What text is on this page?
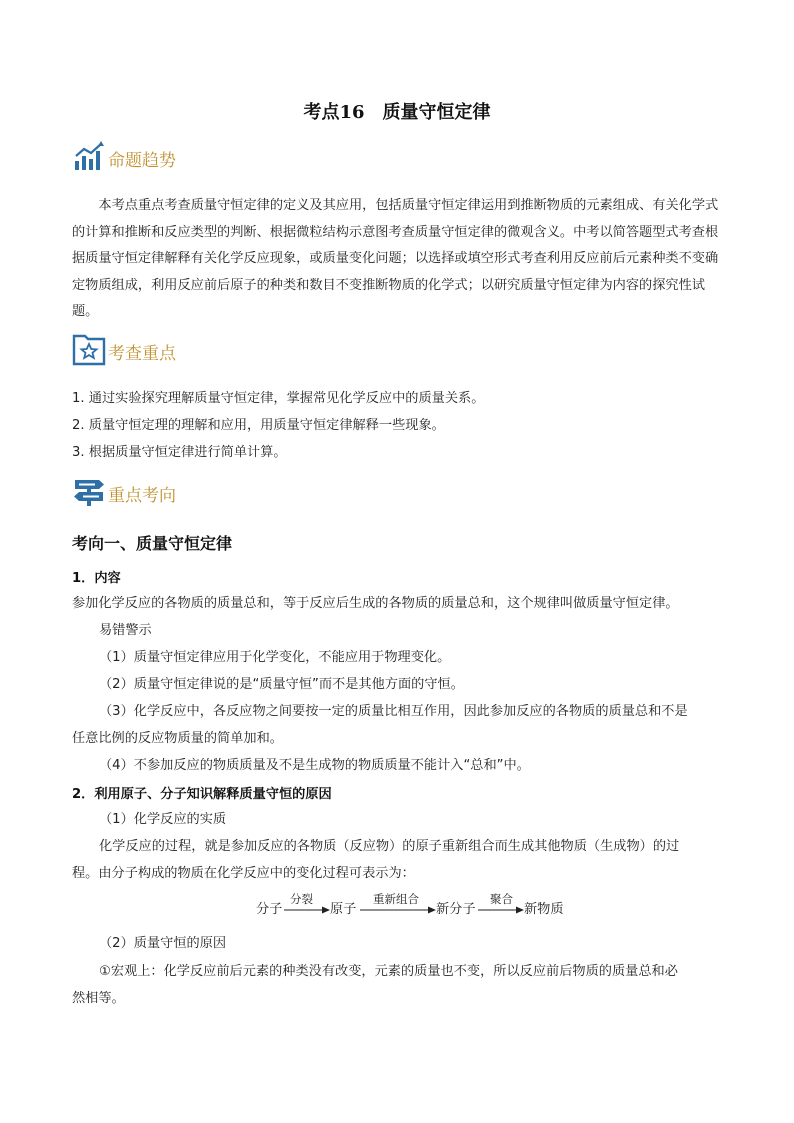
考点16　质量守恒定律
命题趋势
本考点重点考查质量守恒定律的定义及其应用，包括质量守恒定律运用到推断物质的元素组成、有关化学式的计算和推断和反应类型的判断、根据微粒结构示意图考查质量守恒定律的微观含义。中考以简答题型式考查根据质量守恒定律解释有关化学反应现象，或质量变化问题；以选择或填空形式考查利用反应前后元素种类不变确定物质组成，利用反应前后原子的种类和数目不变推断物质的化学式；以研究质量守恒定律为内容的探究性试题。
考查重点
1. 通过实验探究理解质量守恒定律，掌握常见化学反应中的质量关系。
2. 质量守恒定理的理解和应用，用质量守恒定律解释一些现象。
3. 根据质量守恒定律进行简单计算。
重点考向
考向一、质量守恒定律
1．内容
参加化学反应的各物质的质量总和，等于反应后生成的各物质的质量总和，这个规律叫做质量守恒定律。
易错警示
（1）质量守恒定律应用于化学变化，不能应用于物理变化。
（2）质量守恒定律说的是“质量守恒”而不是其他方面的守恒。
（3）化学反应中，各反应物之间要按一定的质量比相互作用，因此参加反应的各物质的质量总和不是
任意比例的反应物质量的简单加和。
（4）不参加反应的物质质量及不是生成物的物质质量不能计入“总和”中。
2．利用原子、分子知识解释质量守恒的原因
（1）化学反应的实质
化学反应的过程，就是参加反应的各物质（反应物）的原子重新组合而生成其他物质（生成物）的过
程。由分子构成的物质在化学反应中的变化过程可表示为：
分子
分裂
原子
重新组合
新分子
聚合
新物质
（2）质量守恒的原因
①宏观上：化学反应前后元素的种类没有改变，元素的质量也不变，所以反应前后物质的质量总和必
然相等。
